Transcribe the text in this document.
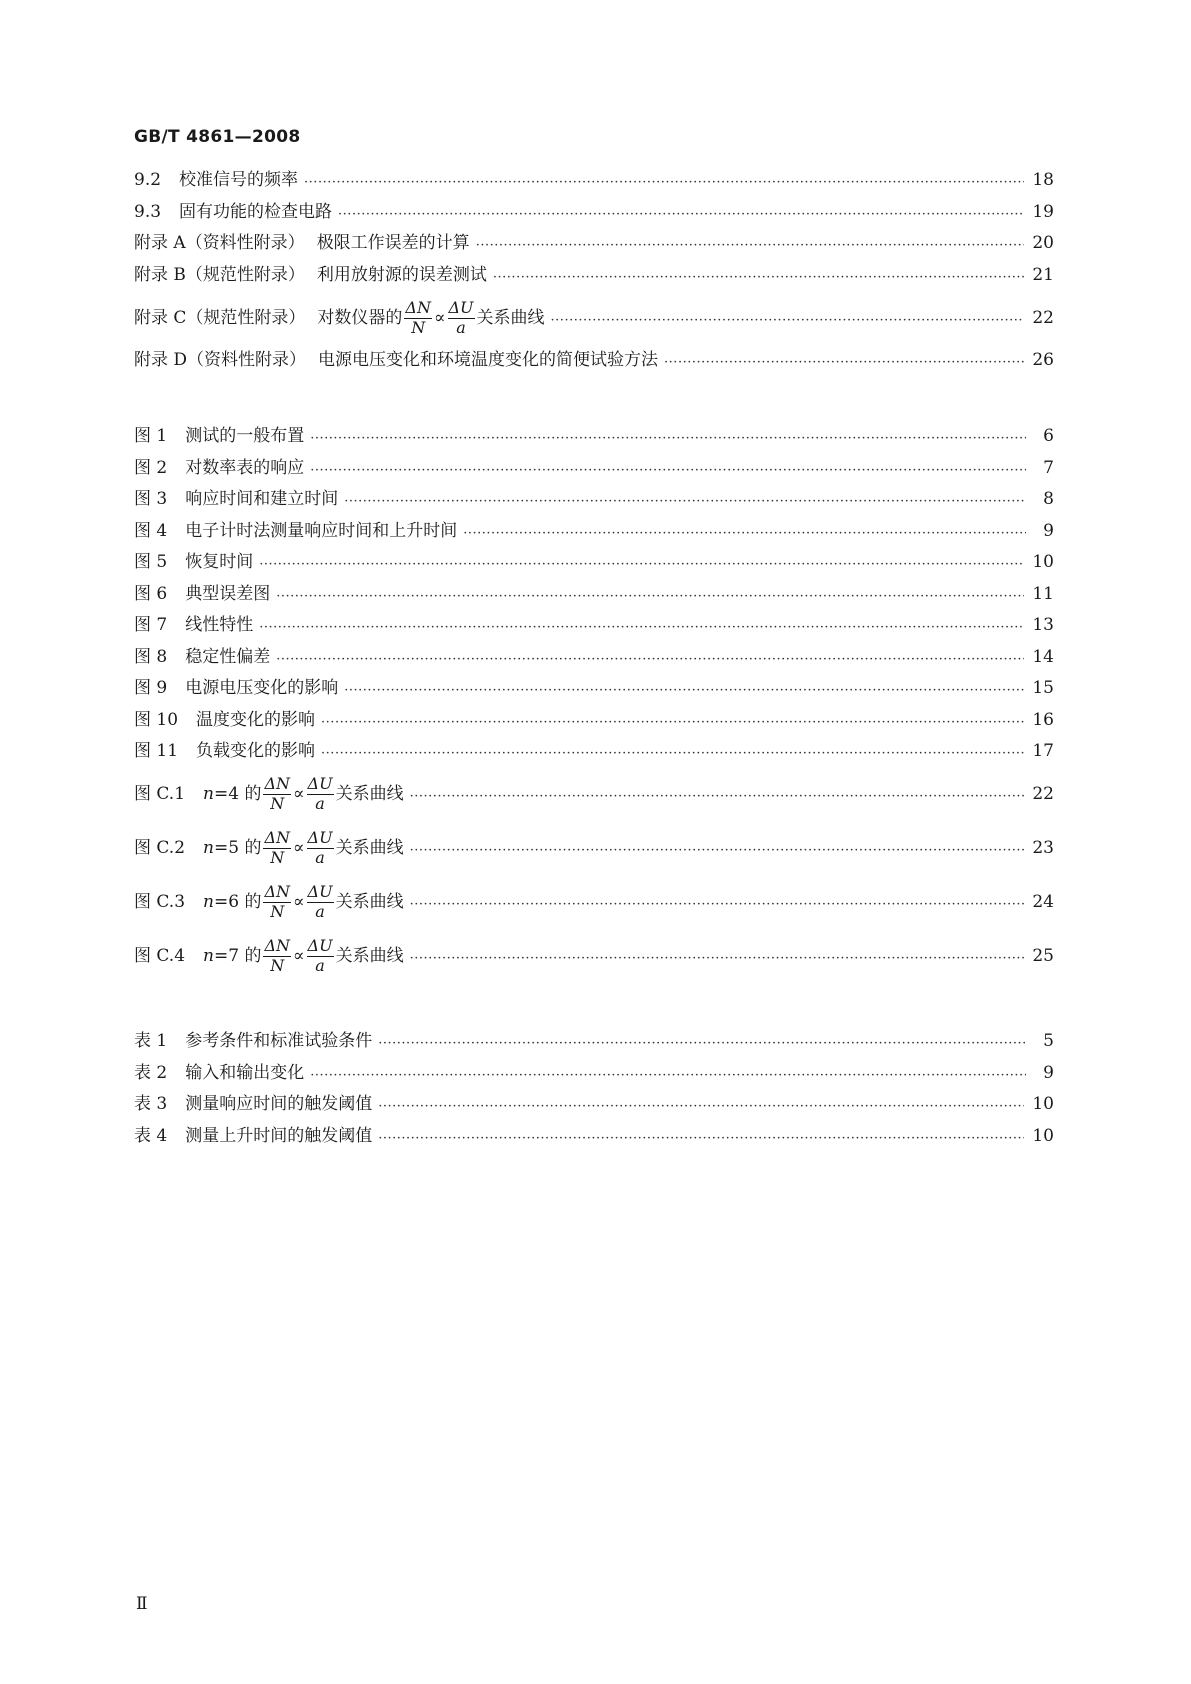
GB/T 4861—2008
9.2 校准信号的频率 ·····	18
9.3 固有功能的检查电路 ·····	19
附录 A （资料性附录） 极限工作误差的计算 ·····	20
附录 B （规范性附录） 利用放射源的误差测试 ·····	21
附录 C （规范性附录） 对数仪器的 $\frac{\Delta N}{N} \propto \frac{\Delta U}{a}$ 关系曲线 ·····	22
附录 D （资料性附录） 电源电压变化和环境温度变化的简便试验方法 ·····	26
图 1 测试的一般布置 ·····	6
图 2 对数率表的响应 ·····	7
图 3 响应时间和建立时间 ·····	8
图 4 电子计时法测量响应时间和上升时间 ·····	9
图 5 恢复时间 ·····	10
图 6 典型误差图 ·····	11
图 7 线性特性 ·····	13
图 8 稳定性偏差 ·····	14
图 9 电源电压变化的影响 ·····	15
图 10 温度变化的影响 ·····	16
图 11 负载变化的影响 ·····	17
图 C.1 n =4 的 $\frac{\Delta N}{N} \propto \frac{\Delta U}{a}$ 关系曲线 ·····	22
图 C.2 n =5 的 $\frac{\Delta N}{N} \propto \frac{\Delta U}{a}$ 关系曲线 ·····	23
图 C.3 n =6 的 $\frac{\Delta N}{N} \propto \frac{\Delta U}{a}$ 关系曲线 ·····	24
图 C.4 n =7 的 $\frac{\Delta N}{N} \propto \frac{\Delta U}{a}$ 关系曲线 ·····	25
表 1 参考条件和标准试验条件 ·····	5
表 2 输入和输出变化 ·····	9
表 3 测量响应时间的触发阈值 ·····	10
表 4 测量上升时间的触发阈值 ·····	10
Ⅱ
